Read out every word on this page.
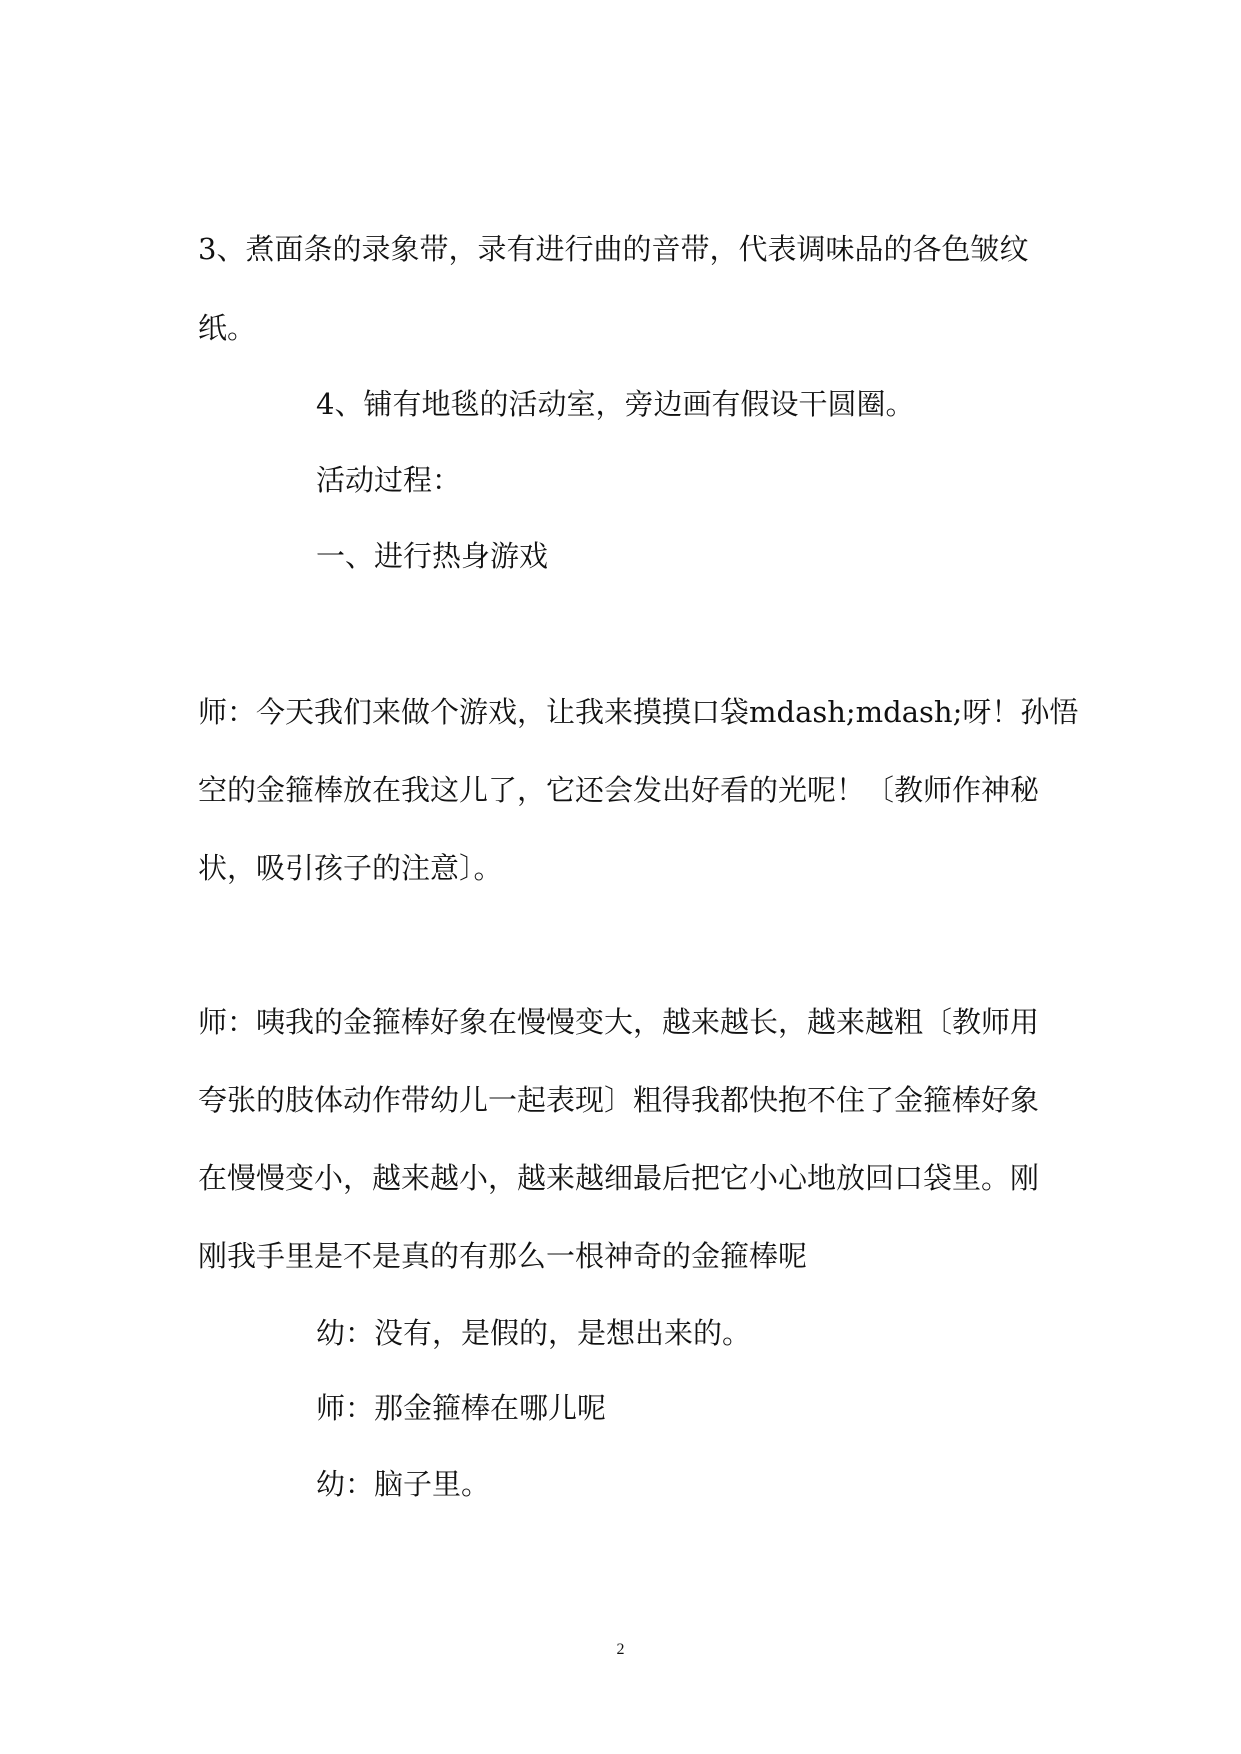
3、煮面条的录象带，录有进行曲的音带，代表调味品的各色皱纹
纸。
4、铺有地毯的活动室，旁边画有假设干圆圈。
活动过程：
一、进行热身游戏
师：今天我们来做个游戏，让我来摸摸口袋mdash;mdash;呀！孙悟
空的金箍棒放在我这儿了，它还会发出好看的光呢！〔教师作神秘
状，吸引孩子的注意〕。
师：咦我的金箍棒好象在慢慢变大，越来越长，越来越粗〔教师用
夸张的肢体动作带幼儿一起表现〕粗得我都快抱不住了金箍棒好象
在慢慢变小，越来越小，越来越细最后把它小心地放回口袋里。刚
刚我手里是不是真的有那么一根神奇的金箍棒呢
幼：没有，是假的，是想出来的。
师：那金箍棒在哪儿呢
幼：脑子里。
2
